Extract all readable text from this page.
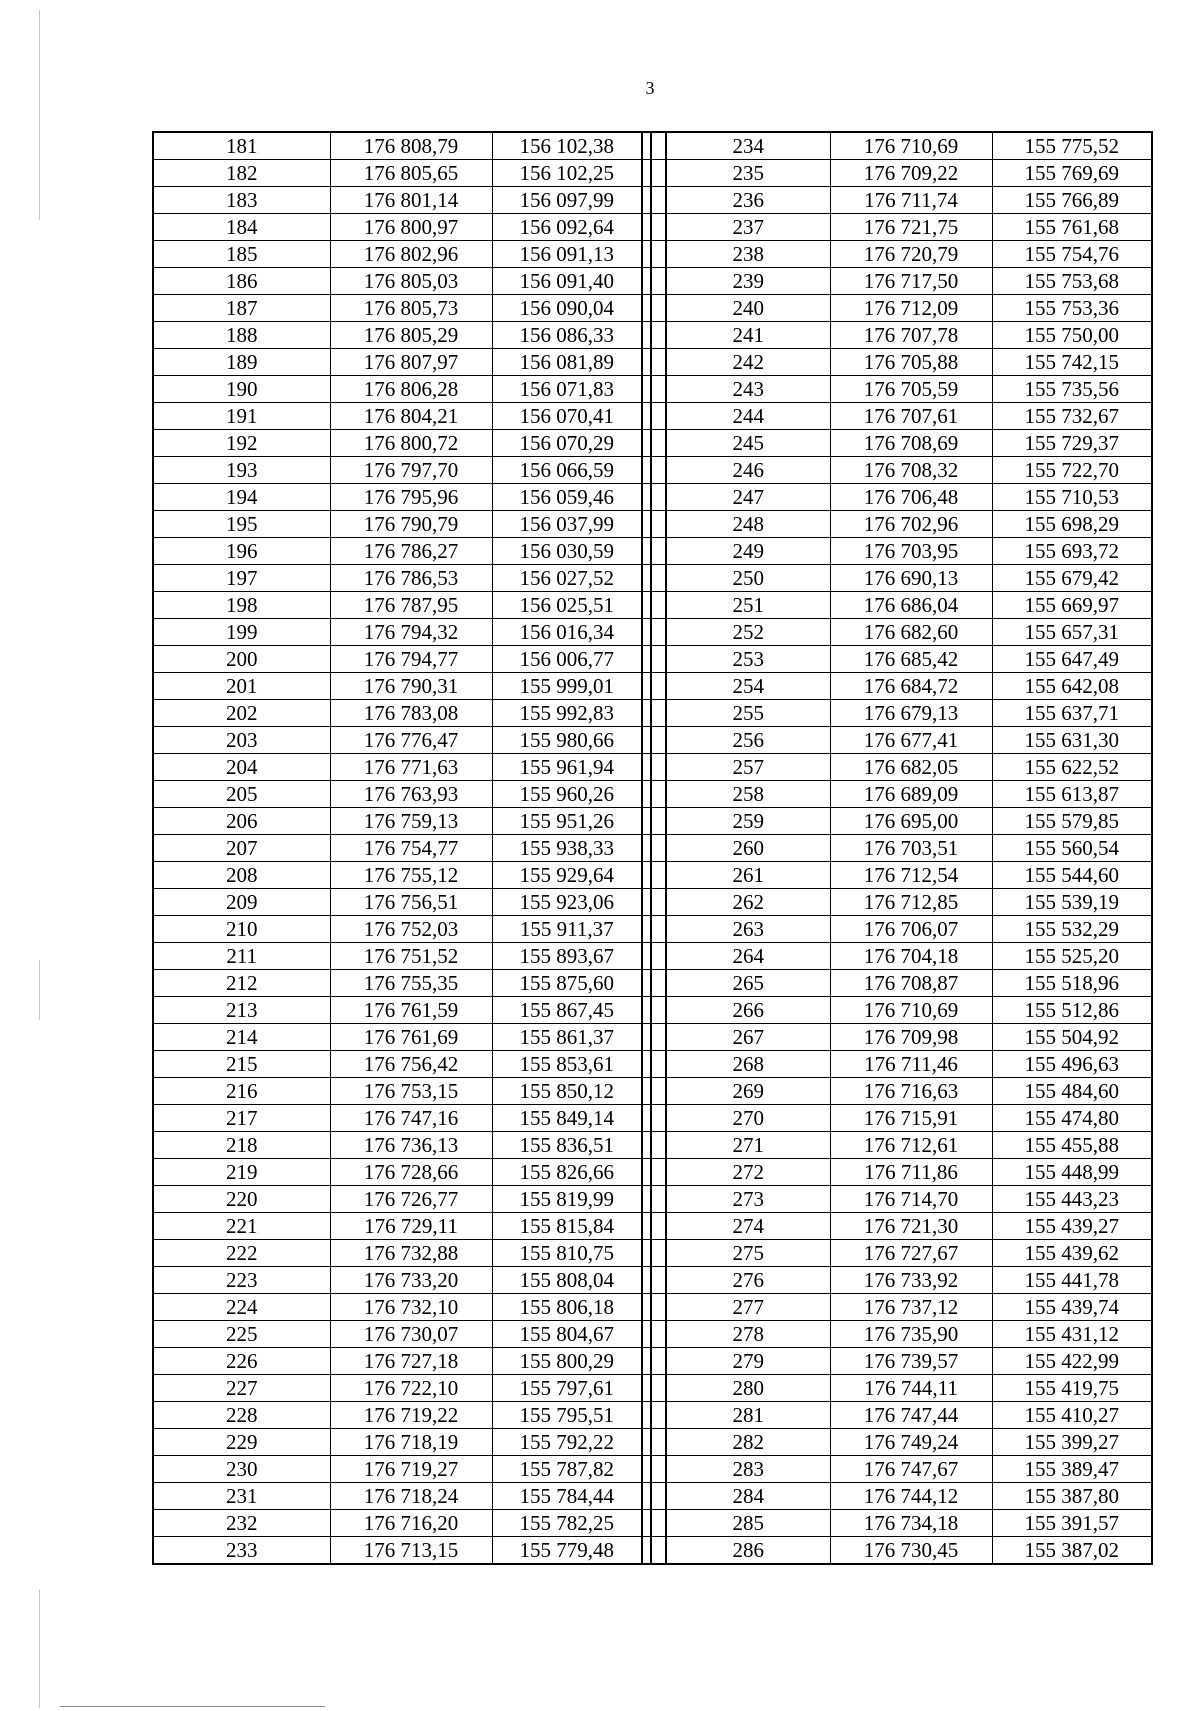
3
181	176 808,79	156 102,38		234	176 710,69	155 775,52
182	176 805,65	156 102,25		235	176 709,22	155 769,69
183	176 801,14	156 097,99		236	176 711,74	155 766,89
184	176 800,97	156 092,64		237	176 721,75	155 761,68
185	176 802,96	156 091,13		238	176 720,79	155 754,76
186	176 805,03	156 091,40		239	176 717,50	155 753,68
187	176 805,73	156 090,04		240	176 712,09	155 753,36
188	176 805,29	156 086,33		241	176 707,78	155 750,00
189	176 807,97	156 081,89		242	176 705,88	155 742,15
190	176 806,28	156 071,83		243	176 705,59	155 735,56
191	176 804,21	156 070,41		244	176 707,61	155 732,67
192	176 800,72	156 070,29		245	176 708,69	155 729,37
193	176 797,70	156 066,59		246	176 708,32	155 722,70
194	176 795,96	156 059,46		247	176 706,48	155 710,53
195	176 790,79	156 037,99		248	176 702,96	155 698,29
196	176 786,27	156 030,59		249	176 703,95	155 693,72
197	176 786,53	156 027,52		250	176 690,13	155 679,42
198	176 787,95	156 025,51		251	176 686,04	155 669,97
199	176 794,32	156 016,34		252	176 682,60	155 657,31
200	176 794,77	156 006,77		253	176 685,42	155 647,49
201	176 790,31	155 999,01		254	176 684,72	155 642,08
202	176 783,08	155 992,83		255	176 679,13	155 637,71
203	176 776,47	155 980,66		256	176 677,41	155 631,30
204	176 771,63	155 961,94		257	176 682,05	155 622,52
205	176 763,93	155 960,26		258	176 689,09	155 613,87
206	176 759,13	155 951,26		259	176 695,00	155 579,85
207	176 754,77	155 938,33		260	176 703,51	155 560,54
208	176 755,12	155 929,64		261	176 712,54	155 544,60
209	176 756,51	155 923,06		262	176 712,85	155 539,19
210	176 752,03	155 911,37		263	176 706,07	155 532,29
211	176 751,52	155 893,67		264	176 704,18	155 525,20
212	176 755,35	155 875,60		265	176 708,87	155 518,96
213	176 761,59	155 867,45		266	176 710,69	155 512,86
214	176 761,69	155 861,37		267	176 709,98	155 504,92
215	176 756,42	155 853,61		268	176 711,46	155 496,63
216	176 753,15	155 850,12		269	176 716,63	155 484,60
217	176 747,16	155 849,14		270	176 715,91	155 474,80
218	176 736,13	155 836,51		271	176 712,61	155 455,88
219	176 728,66	155 826,66		272	176 711,86	155 448,99
220	176 726,77	155 819,99		273	176 714,70	155 443,23
221	176 729,11	155 815,84		274	176 721,30	155 439,27
222	176 732,88	155 810,75		275	176 727,67	155 439,62
223	176 733,20	155 808,04		276	176 733,92	155 441,78
224	176 732,10	155 806,18		277	176 737,12	155 439,74
225	176 730,07	155 804,67		278	176 735,90	155 431,12
226	176 727,18	155 800,29		279	176 739,57	155 422,99
227	176 722,10	155 797,61		280	176 744,11	155 419,75
228	176 719,22	155 795,51		281	176 747,44	155 410,27
229	176 718,19	155 792,22		282	176 749,24	155 399,27
230	176 719,27	155 787,82		283	176 747,67	155 389,47
231	176 718,24	155 784,44		284	176 744,12	155 387,80
232	176 716,20	155 782,25		285	176 734,18	155 391,57
233	176 713,15	155 779,48		286	176 730,45	155 387,02
